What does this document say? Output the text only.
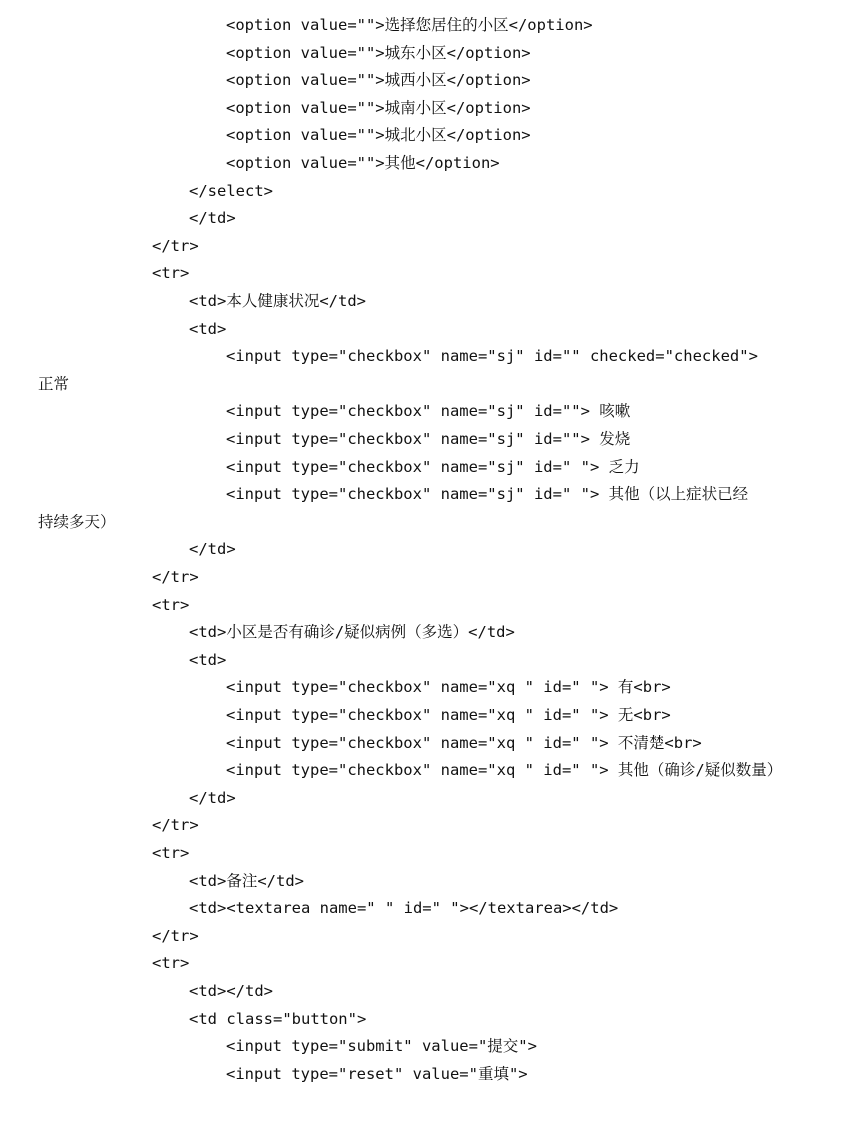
<option value="">选择您居住的小区</option>
<option value="">城东小区</option>
<option value="">城西小区</option>
<option value="">城南小区</option>
<option value="">城北小区</option>
<option value="">其他</option>
</select>
</td>
</tr>
<tr>
<td>本人健康状况</td>
<td>
<input type="checkbox" name="sj" id="" checked="checked">
正常
<input type="checkbox" name="sj" id=""> 咳嗽
<input type="checkbox" name="sj" id=""> 发烧
<input type="checkbox" name="sj" id=" "> 乏力
<input type="checkbox" name="sj" id=" "> 其他（以上症状已经
持续多天）
</td>
</tr>
<tr>
<td>小区是否有确诊/疑似病例（多选）</td>
<td>
<input type="checkbox" name="xq " id=" "> 有<br>
<input type="checkbox" name="xq " id=" "> 无<br>
<input type="checkbox" name="xq " id=" "> 不清楚<br>
<input type="checkbox" name="xq " id=" "> 其他（确诊/疑似数量）
</td>
</tr>
<tr>
<td>备注</td>
<td><textarea name=" " id=" "></textarea></td>
</tr>
<tr>
<td></td>
<td class="button">
<input type="submit" value="提交">
<input type="reset" value="重填">
